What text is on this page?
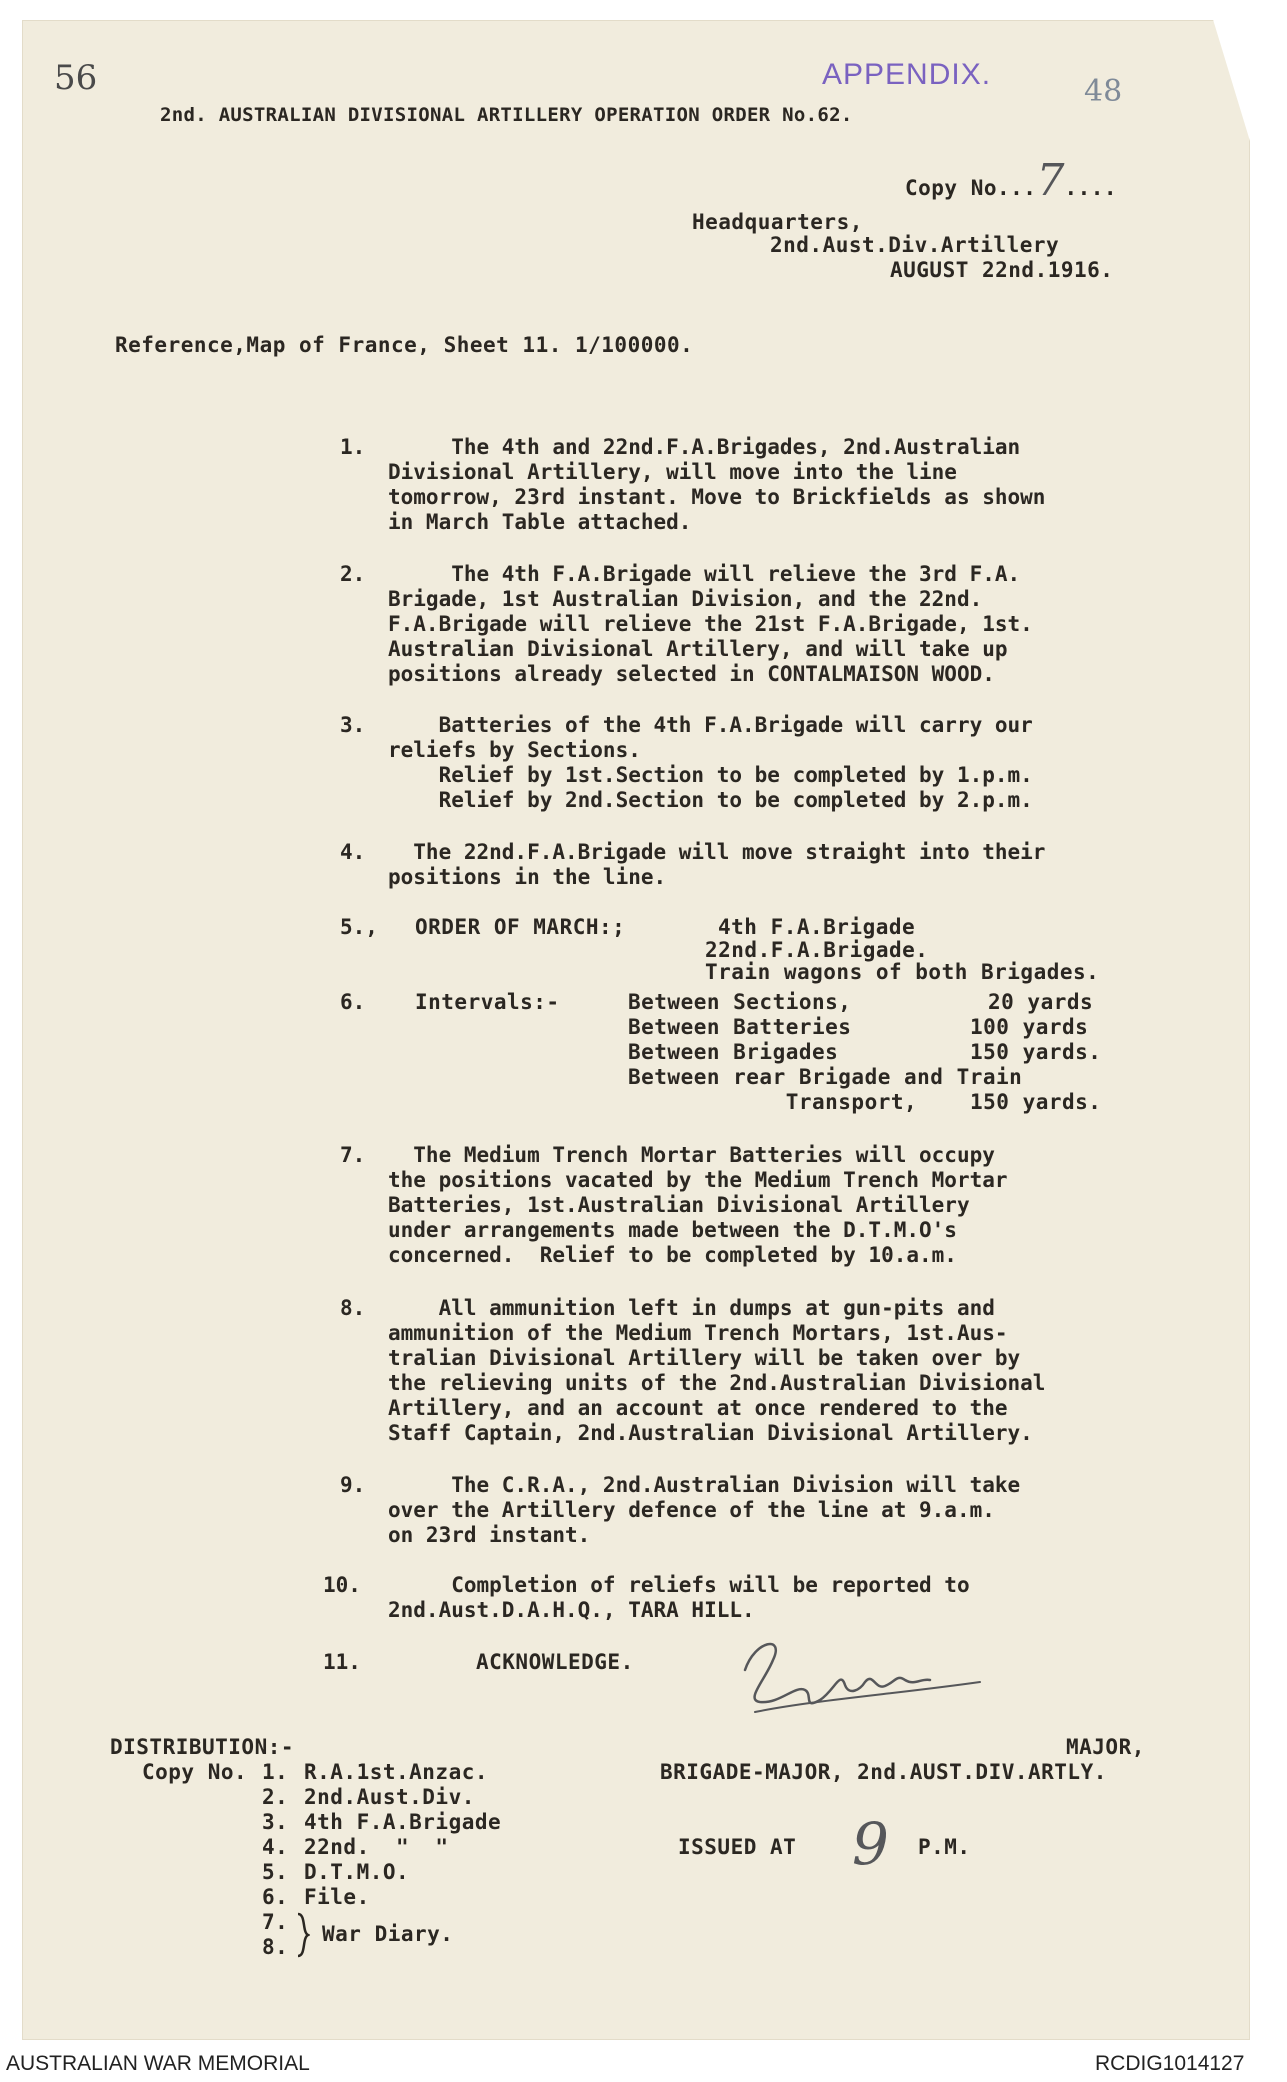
56	APPENDIX.	48
2nd. AUSTRALIAN DIVISIONAL ARTILLERY OPERATION ORDER No.62.
Copy No...7....
Headquarters,
2nd.Aust.Div.Artillery
AUGUST 22nd.1916.
Reference,Map of France, Sheet 11. 1/100000.
1. The 4th and 22nd.F.A.Brigades, 2nd.Australian
Divisional Artillery, will move into the line
tomorrow, 23rd instant. Move to Brickfields as shown
in March Table attached.
2. The 4th F.A.Brigade will relieve the 3rd F.A.
Brigade, 1st Australian Division, and the 22nd.
F.A.Brigade will relieve the 21st F.A.Brigade, 1st.
Australian Divisional Artillery, and will take up
positions already selected in CONTALMAISON WOOD.
3. Batteries of the 4th F.A.Brigade will carry our
reliefs by Sections.
Relief by 1st.Section to be completed by 1.p.m.
Relief by 2nd.Section to be completed by 2.p.m.
4. The 22nd.F.A.Brigade will move straight into their
positions in the line.
5., ORDER OF MARCH:;	4th F.A.Brigade
22nd.F.A.Brigade.
Train wagons of both Brigades.
6. Intervals:-	Between Sections,	20 yards
Between Batteries	100 yards
Between Brigades	150 yards.
Between rear Brigade and Train
Transport,	150 yards.
7. The Medium Trench Mortar Batteries will occupy
the positions vacated by the Medium Trench Mortar
Batteries, 1st.Australian Divisional Artillery
under arrangements made between the D.T.M.O's
concerned.  Relief to be completed by 10.a.m.
8. All ammunition left in dumps at gun-pits and
ammunition of the Medium Trench Mortars, 1st.Aus-
tralian Divisional Artillery will be taken over by
the relieving units of the 2nd.Australian Divisional
Artillery, and an account at once rendered to the
Staff Captain, 2nd.Australian Divisional Artillery.
9. The C.R.A., 2nd.Australian Division will take
over the Artillery defence of the line at 9.a.m.
on 23rd instant.
10. Completion of reliefs will be reported to
2nd.Aust.D.A.H.Q., TARA HILL.
11.	ACKNOWLEDGE.
MAJOR,
BRIGADE-MAJOR, 2nd.AUST.DIV.ARTLY.
ISSUED AT 9 P.M.
DISTRIBUTION:-
Copy No. 1. R.A.1st.Anzac.
2. 2nd.Aust.Div.
3. 4th F.A.Brigade
4. 22nd.  "  "
5. D.T.M.O.
6. File.
7.
8.
War Diary.
AUSTRALIAN WAR MEMORIAL	RCDIG1014127
